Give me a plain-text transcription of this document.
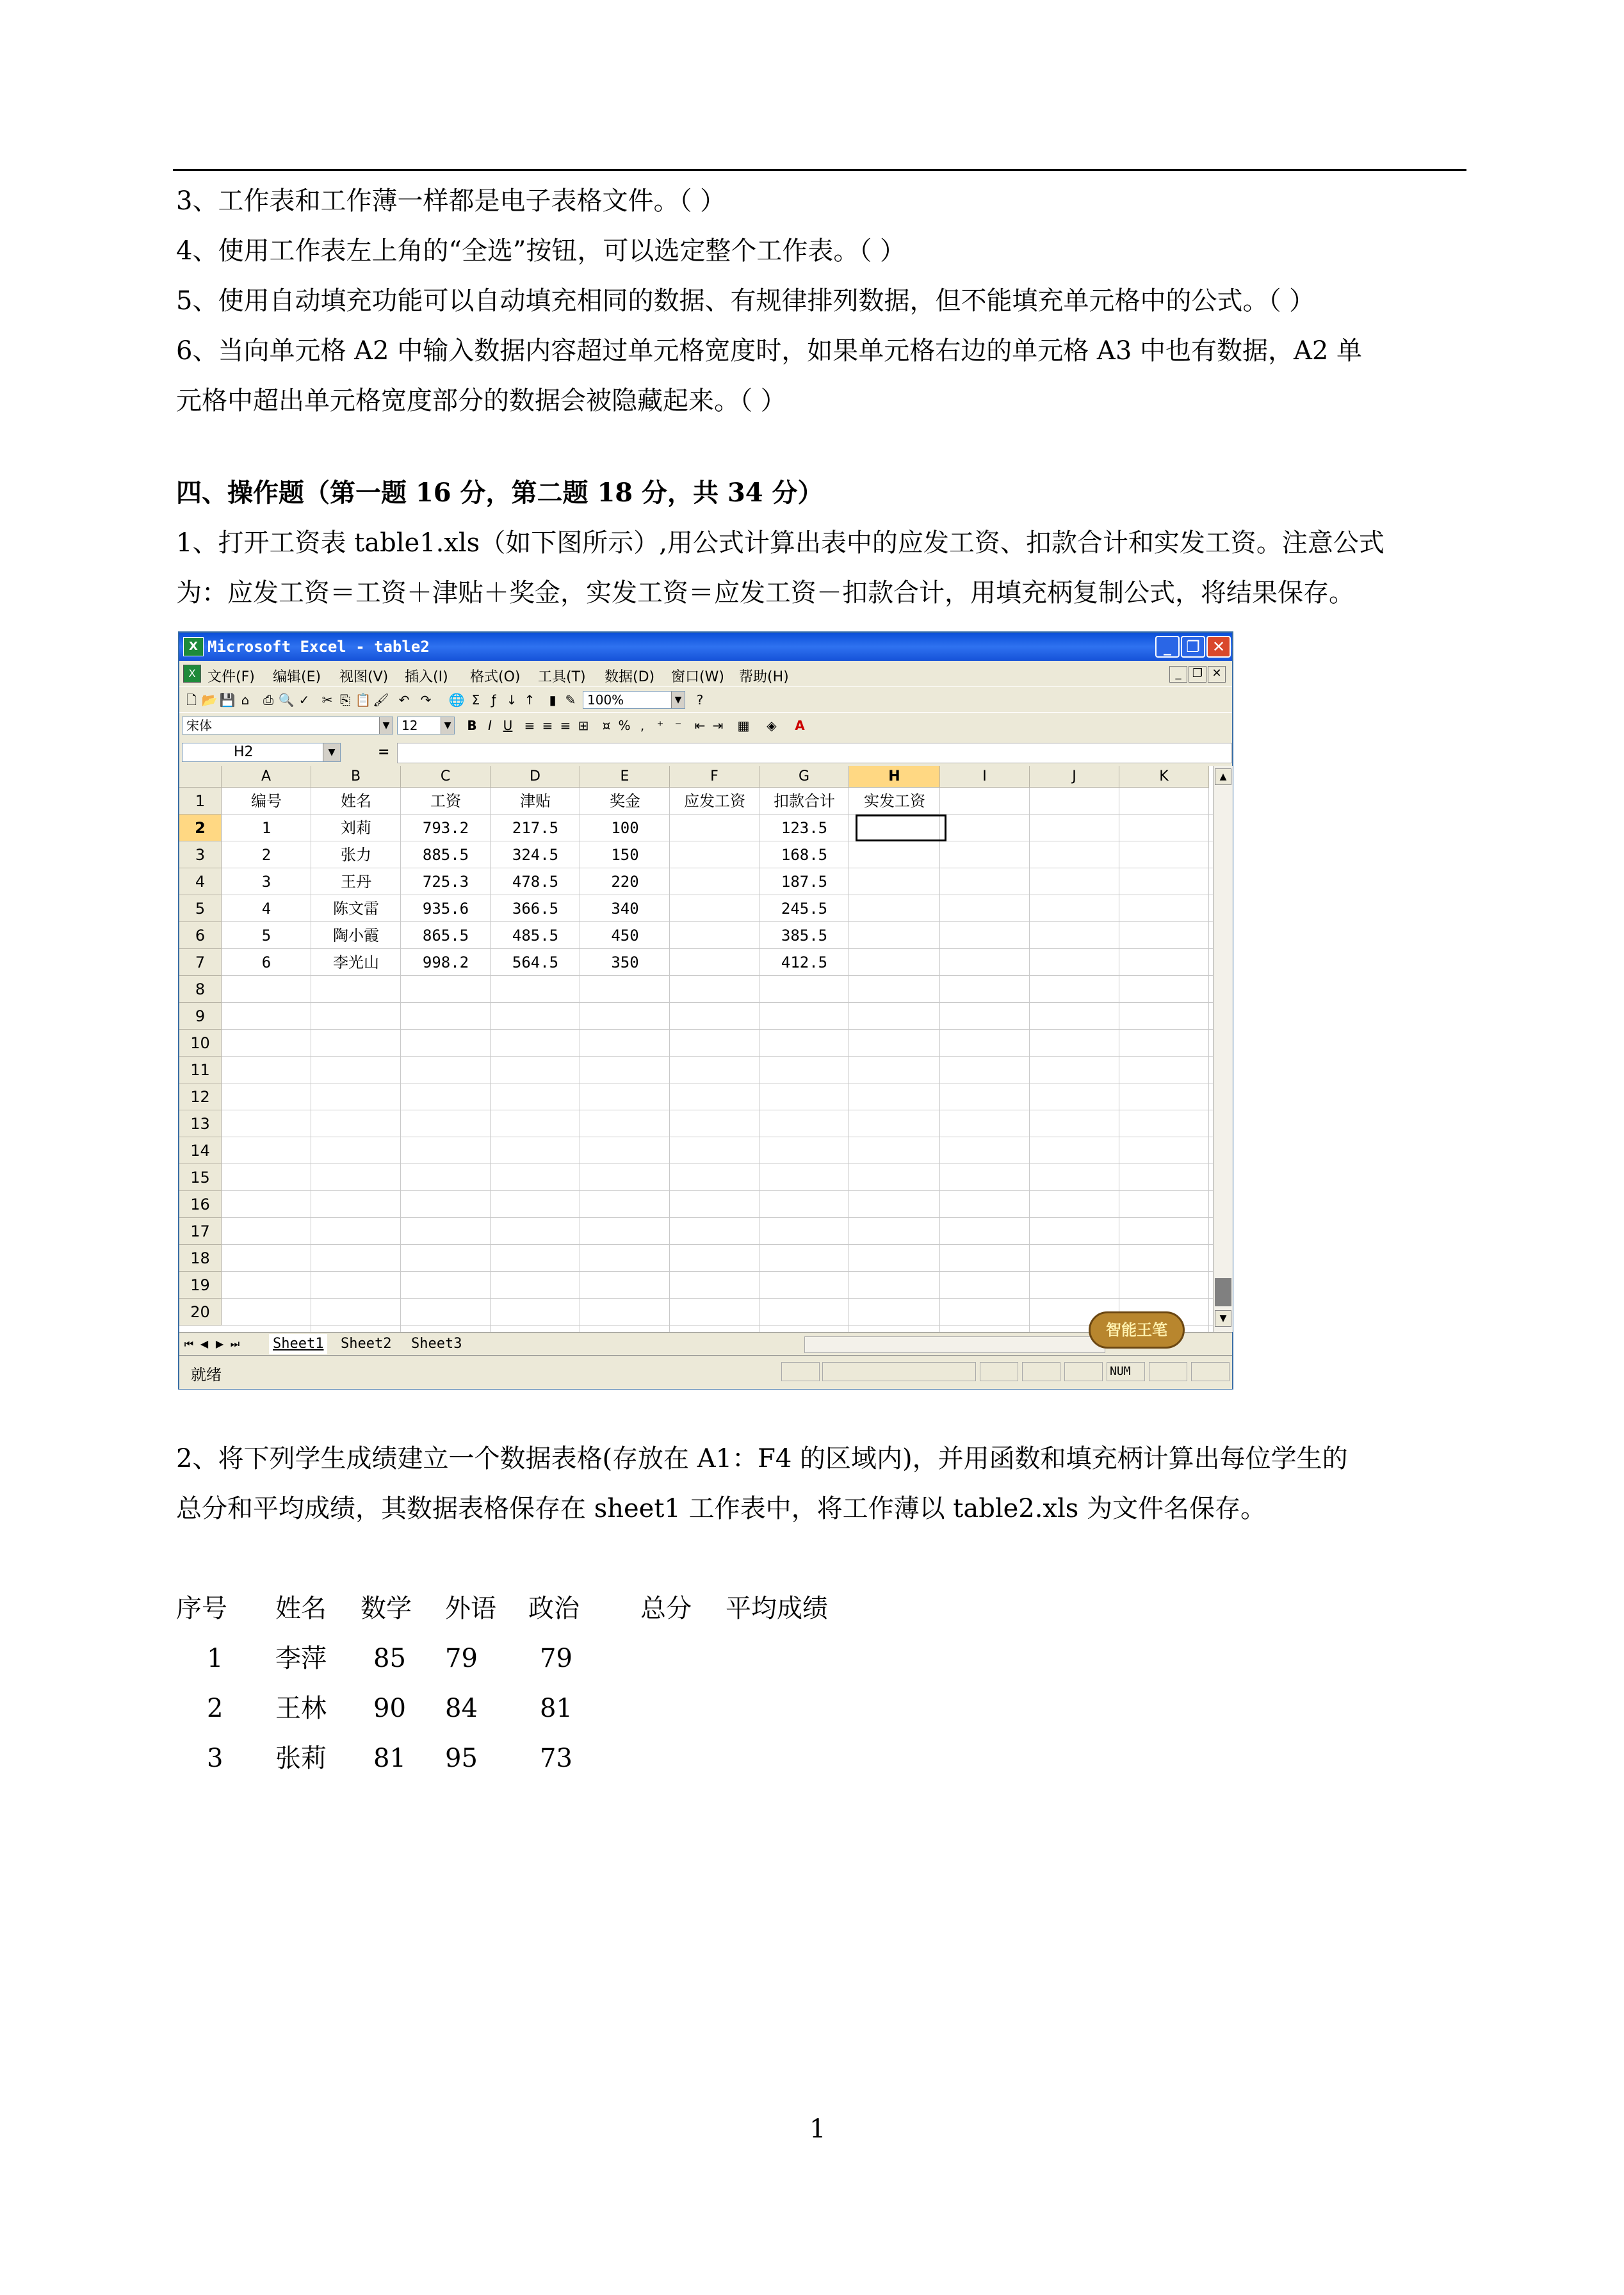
3、工作表和工作薄一样都是电子表格文件。（ ）
4、使用工作表左上角的“全选”按钮，可以选定整个工作表。（ ）
5、使用自动填充功能可以自动填充相同的数据、有规律排列数据，但不能填充单元格中的公式。（ ）
6、当向单元格 A2 中输入数据内容超过单元格宽度时，如果单元格右边的单元格 A3 中也有数据，A2 单
元格中超出单元格宽度部分的数据会被隐藏起来。（ ）
四、操作题（第一题 16 分，第二题 18 分，共 34 分）
1、打开工资表 table1.xls（如下图所示）,用公式计算出表中的应发工资、扣款合计和实发工资。注意公式
为：应发工资＝工资＋津贴＋奖金，实发工资＝应发工资－扣款合计，用填充柄复制公式，将结果保存。
X Microsoft Excel - table2	_ ❐ ✕
X 文件(F) 编辑(E) 视图(V) 插入(I) 格式(O) 工具(T) 数据(D) 窗口(W) 帮助(H)	_ ❐ ✕
🗋 📂 💾 ⌂	⎙ 🔍 ✓ ✂ ⎘ 📋 🖌 ↶ ↷ 🌐 Σ ƒ ↓ ↑	▮ ✎ 100%	▼	?
宋体	▼ 12	▼ B I U ≡ ≡ ≡ ⊞	¤ % , ⁺ ⁻	⇤ ⇥ ▦ ◈ A
H2	▼	=
A	B	C	D	E	F	G	H	I	J	K
1
2
3
4
5
6
7
8
9
10
11
12
13
14
15
16
17
18
19
20
编号	姓名	工资	津贴	奖金	应发工资	扣款合计	实发工资
1	刘莉	793.2	217.5	100	123.5
2	张力	885.5	324.5	150	168.5
3	王丹	725.3	478.5	220	187.5
4	陈文雷	935.6	366.5	340	245.5
5	陶小霞	865.5	485.5	450	385.5
6	李光山	998.2	564.5	350	412.5
▲
▼
⏮ ◀ ▶ ⏭ Sheet1 Sheet2 Sheet3
智能王笔
就绪	NUM
2、将下列学生成绩建立一个数据表格(存放在 A1：F4 的区域内)，并用函数和填充柄计算出每位学生的
总分和平均成绩，其数据表格保存在 sheet1 工作表中，将工作薄以 table2.xls 为文件名保存。
序号 姓名 数学 外语 政治 总分 平均成绩
1 李萍 85 79 79
2 王林 90 84 81
3 张莉 81 95 73
1
